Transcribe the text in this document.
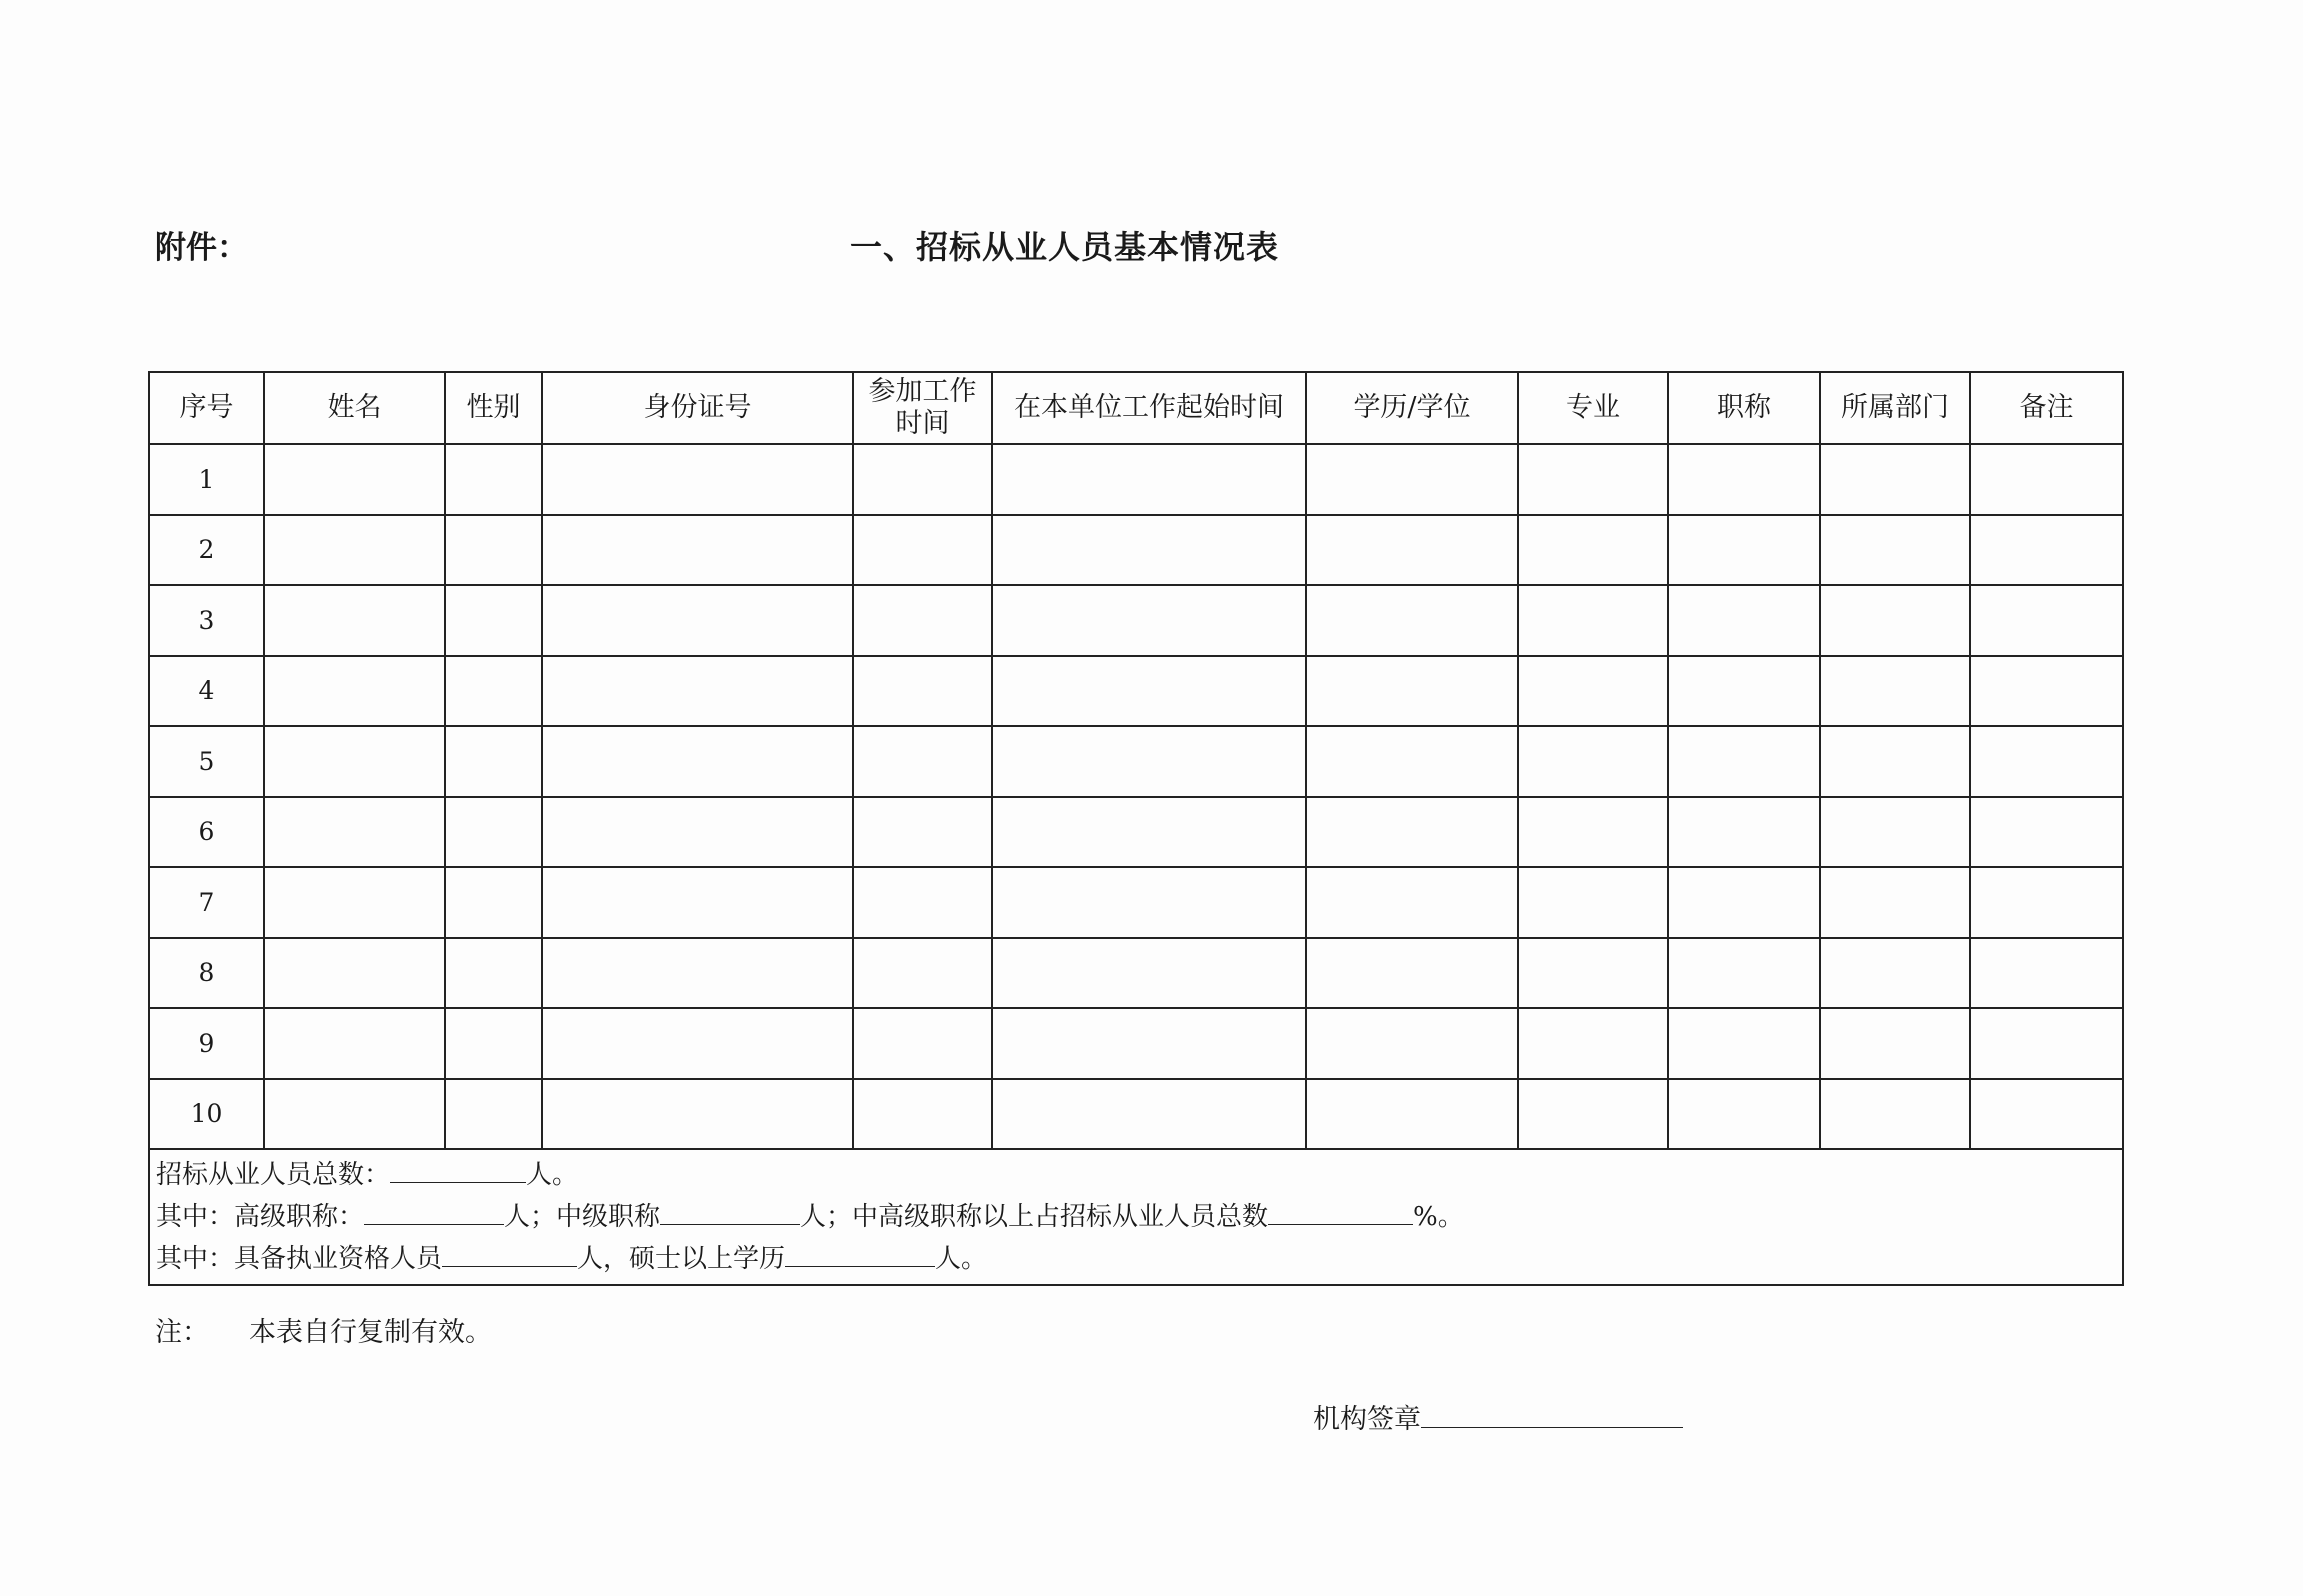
附件：	一、招标从业人员基本情况表
序号	姓名	性别	身份证号	参加工作时间	在本单位工作起始时间	学历/学位	专业	职称	所属部门	备注
1										
2										
3										
4										
5										
6										
7										
8										
9										
10										

招标从业人员总数： 人。
其中：高级职称： 人；中级职称 人；中高级职称以上占招标从业人员总数 %。
其中：具备执业资格人员 人，硕士以上学历 人。										
注： 本表自行复制有效。
机构签章
